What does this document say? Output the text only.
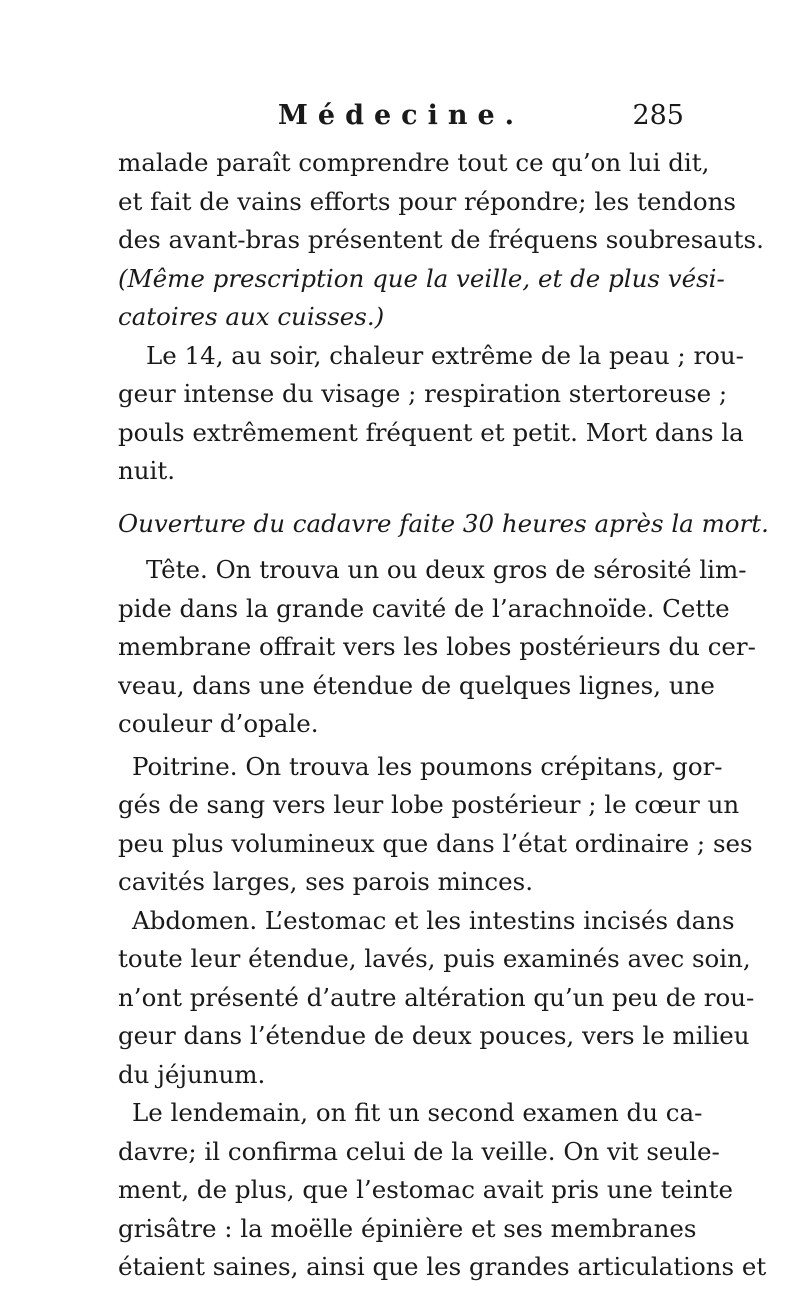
Médecine.	285
malade paraît comprendre tout ce qu’on lui dit,
et fait de vains efforts pour répondre; les tendons
des avant-bras présentent de fréquens soubresauts.
(Même prescription que la veille, et de plus vési-
catoires aux cuisses.)
Le 14, au soir, chaleur extrême de la peau ; rou-
geur intense du visage ; respiration stertoreuse ;
pouls extrêmement fréquent et petit. Mort dans la
nuit.
Ouverture du cadavre faite 30 heures après la mort.
Tête. On trouva un ou deux gros de sérosité lim-
pide dans la grande cavité de l’arachnoïde. Cette
membrane offrait vers les lobes postérieurs du cer-
veau, dans une étendue de quelques lignes, une
couleur d’opale.
Poitrine. On trouva les poumons crépitans, gor-
gés de sang vers leur lobe postérieur ; le cœur un
peu plus volumineux que dans l’état ordinaire ; ses
cavités larges, ses parois minces.
Abdomen. L’estomac et les intestins incisés dans
toute leur étendue, lavés, puis examinés avec soin,
n’ont présenté d’autre altération qu’un peu de rou-
geur dans l’étendue de deux pouces, vers le milieu
du jéjunum.
Le lendemain, on fit un second examen du ca-
davre; il confirma celui de la veille. On vit seule-
ment, de plus, que l’estomac avait pris une teinte
grisâtre : la moëlle épinière et ses membranes
étaient saines, ainsi que les grandes articulations et
